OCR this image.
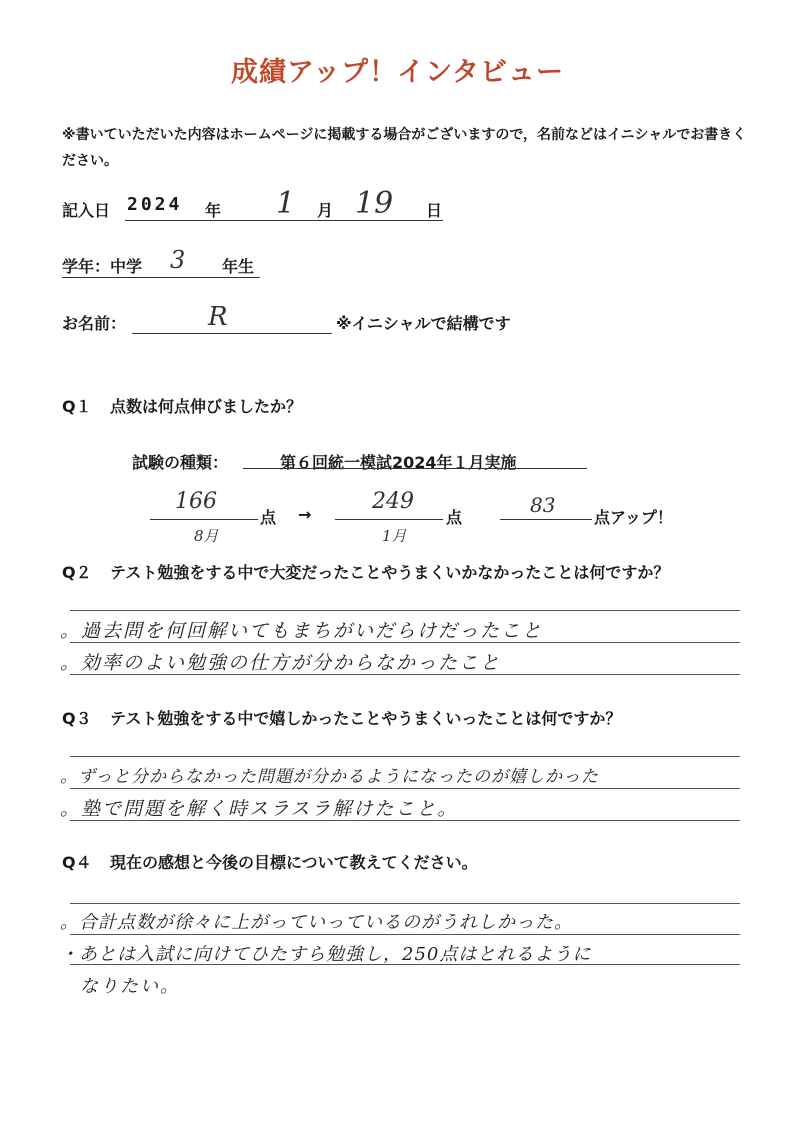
成績アップ！インタビュー
※書いていただいた内容はホームページに掲載する場合がございますので，名前などはイニシャルでお書きください。
記入日 2024 年 1 月 19 日
学年：中学 3 年生
お名前：	R	※イニシャルで結構です
Q１ 点数は何点伸びましたか？
試験の種類：	第６回統一模試2024年１月実施
166
8月
点 →
249
1月
点
83
点アップ！
Q２ テスト勉強をする中で大変だったことやうまくいかなかったことは何ですか？
。過去問を何回解いてもまちがいだらけだったこと
。効率のよい勉強の仕方が分からなかったこと
Q３ テスト勉強をする中で嬉しかったことやうまくいったことは何ですか？
。ずっと分からなかった問題が分かるようになったのが嬉しかった
。塾で問題を解く時スラスラ解けたこと。
Q４ 現在の感想と今後の目標について教えてください。
。合計点数が徐々に上がっていっているのがうれしかった。
・あとは入試に向けてひたすら勉強し，250点はとれるように
なりたい。
